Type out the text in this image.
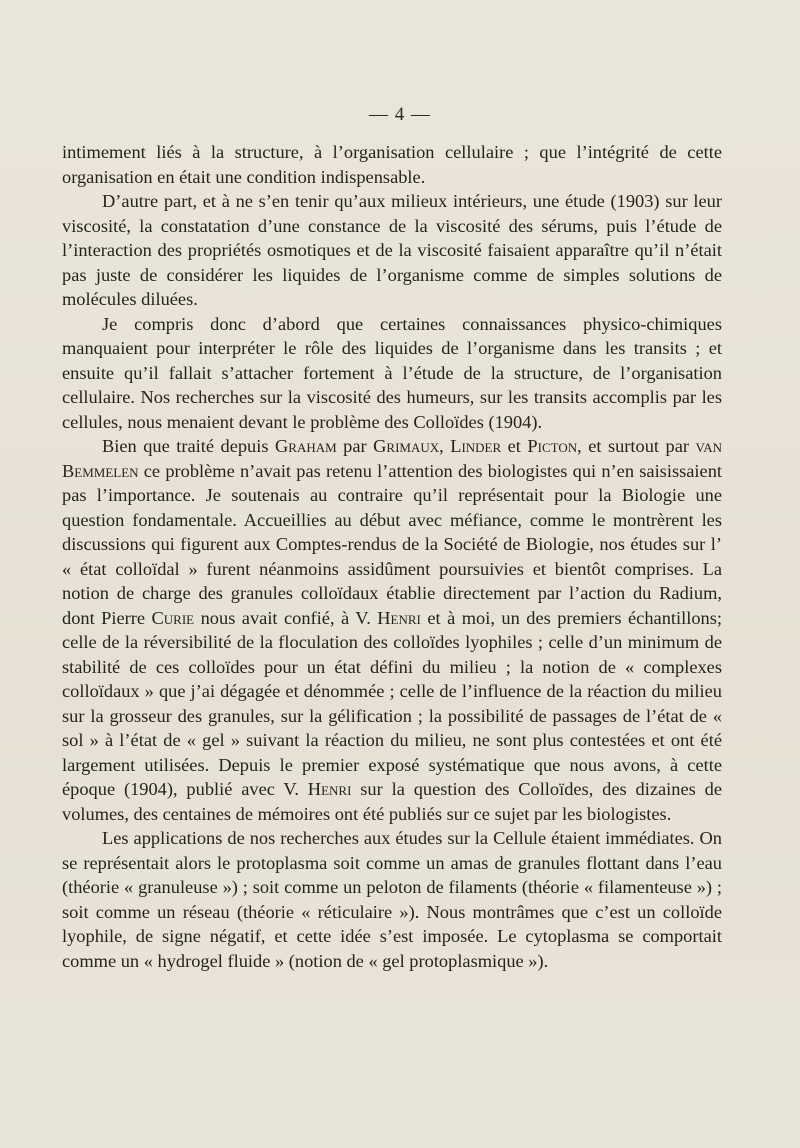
— 4 —

intimement liés à la structure, à l’organisation cellulaire ; que l’intégrité de cette organisation en était une condition indispensable.

D’autre part, et à ne s’en tenir qu’aux milieux intérieurs, une étude (1903) sur leur viscosité, la constatation d’une constance de la viscosité des sérums, puis l’étude de l’interaction des propriétés osmotiques et de la viscosité faisaient apparaître qu’il n’était pas juste de considérer les liquides de l’organisme comme de simples solutions de molécules diluées.

Je compris donc d’abord que certaines connaissances physico-chimiques manquaient pour interpréter le rôle des liquides de l’organisme dans les transits ; et ensuite qu’il fallait s’attacher fortement à l’étude de la structure, de l’organisation cellulaire. Nos recherches sur la viscosité des humeurs, sur les transits accomplis par les cellules, nous menaient devant le problème des Colloïdes (1904).

Bien que traité depuis Graham par Grimaux, Linder et Picton, et surtout par van Bemmelen ce problème n’avait pas retenu l’attention des biologistes qui n’en saisissaient pas l’importance. Je soutenais au contraire qu’il représentait pour la Biologie une question fondamentale. Accueillies au début avec méfiance, comme le montrèrent les discussions qui figurent aux Comptes-rendus de la Société de Biologie, nos études sur l’ « état colloïdal » furent néanmoins assidûment poursuivies et bientôt comprises. La notion de charge des granules colloïdaux établie directement par l’action du Radium, dont Pierre Curie nous avait confié, à V. Henri et à moi, un des premiers échantillons; celle de la réversibilité de la floculation des colloïdes lyophiles ; celle d’un minimum de stabilité de ces colloïdes pour un état défini du milieu ; la notion de « complexes colloïdaux » que j’ai dégagée et dénommée ; celle de l’influence de la réaction du milieu sur la grosseur des granules, sur la gélification ; la possibilité de passages de l’état de « sol » à l’état de « gel » suivant la réaction du milieu, ne sont plus contestées et ont été largement utilisées. Depuis le premier exposé systématique que nous avons, à cette époque (1904), publié avec V. Henri sur la question des Colloïdes, des dizaines de volumes, des centaines de mémoires ont été publiés sur ce sujet par les biologistes.

Les applications de nos recherches aux études sur la Cellule étaient immédiates. On se représentait alors le protoplasma soit comme un amas de granules flottant dans l’eau (théorie « granuleuse ») ; soit comme un peloton de filaments (théorie « filamenteuse ») ; soit comme un réseau (théorie « réticulaire »). Nous montrâmes que c’est un colloïde lyophile, de signe négatif, et cette idée s’est imposée. Le cytoplasma se comportait comme un « hydrogel fluide » (notion de « gel protoplasmique »).
